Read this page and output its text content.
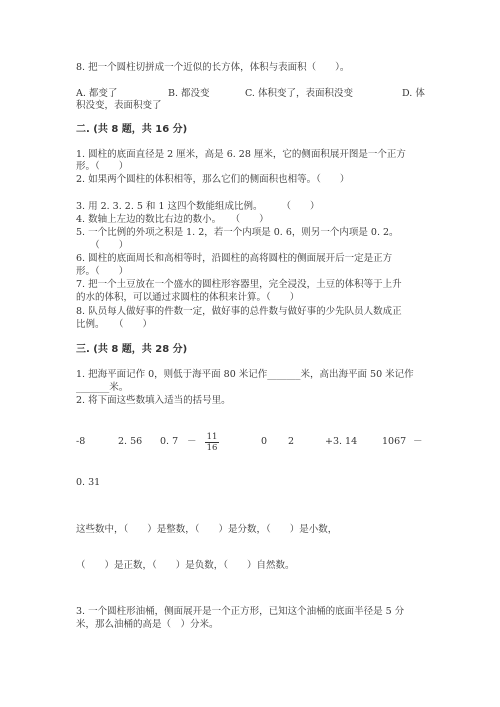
8. 把一个圆柱切拼成一个近似的长方体，体积与表面积（　　）。
A. 都变了	B. 都没变	C. 体积变了，表面积没变	D. 体
积没变，表面积变了
二. (共 8 题，共 16 分)
1. 圆柱的底面直径是 2 厘米，高是 6. 28 厘米，它的侧面积展开图是一个正方
形。（　　）
2. 如果两个圆柱的体积相等，那么它们的侧面积也相等。（　　）
3. 用 2. 3. 2. 5 和 1 这四个数能组成比例。　　　（　　）
4. 数轴上左边的数比右边的数小。　　（　　）
5. 一个比例的外项之积是 1. 2，若一个内项是 0. 6，则另一个内项是 0. 2。
　　（　　）
6. 圆柱的底面周长和高相等时，沿圆柱的高将圆柱的侧面展开后一定是正方
形。（　　）
7. 把一个土豆放在一个盛水的圆柱形容器里，完全浸没，土豆的体积等于上升
的水的体积，可以通过求圆柱的体积来计算。（　　）
8. 队员每人做好事的件数一定，做好事的总件数与做好事的少先队员人数成正
比例。　　（　　）
三. (共 8 题，共 28 分)
1. 把海平面记作 0，则低于海平面 80 米记作_______米，高出海平面 50 米记作
_______米。
2. 将下面这些数填入适当的括号里。
-8	2. 56 0. $7 - \frac{11}{16}$	0 2	+3. 14	1067 －
0. 31
这些数中，（　　）是整数，（　　）是分数，（　　）是小数，
（　　）是正数，（　　）是负数，（　　）自然数。
3. 一个圆柱形油桶，侧面展开是一个正方形，已知这个油桶的底面半径是 5 分
米，那么油桶的高是（　）分米。
